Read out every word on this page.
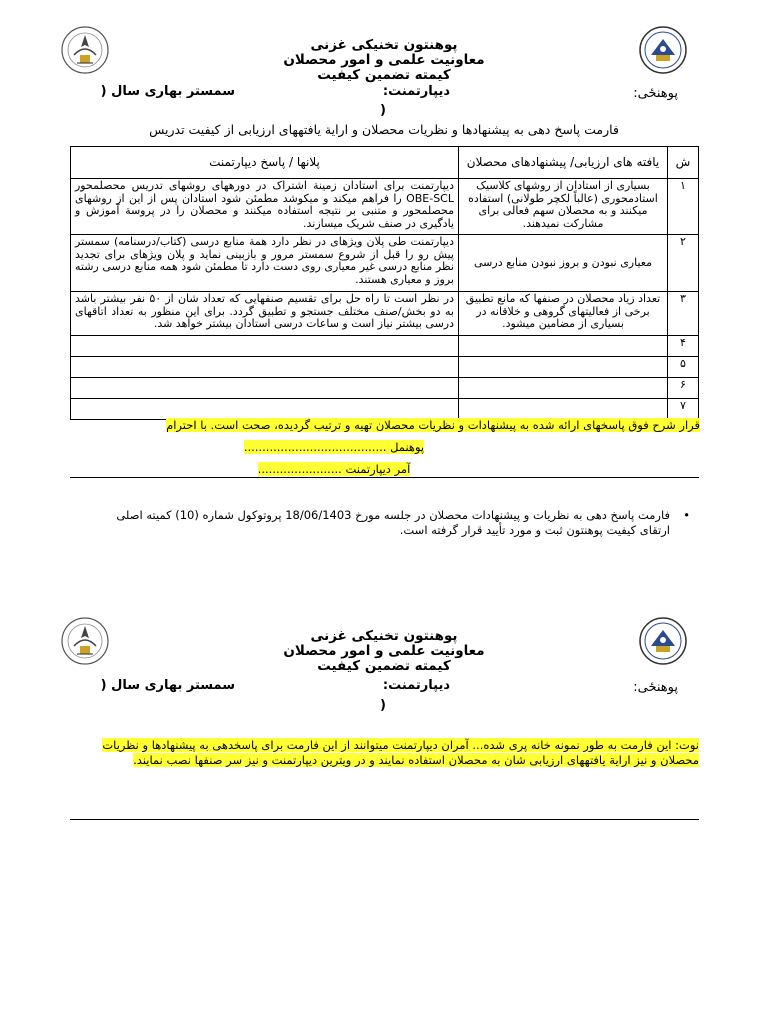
پوهنتون تخنیکی غزنی
معاونیت علمی و امور محصلان
کیمته تضمین کیفیت
پوهنځی:
دیپارتمنت:
سمستر بهاری سال (
)
فارمت پاسخ دهی به پیشنهادها و نظریات محصلان و ارایة یافتههای ارزیابی از کیفیت تدریس
ش	یافته های ارزیابی/ پیشنهادهای محصلان	پلانها / پاسخ دیپارتمنت
۱	بسیاری از استادان از روشهای کلاسیک استادمحوری (عالباً لکچر طولانی) استفاده میکنند و به محصلان سهم فعالی برای مشارکت نمیدهند.	دیپارتمنت برای استادان زمینة اشتراک در دورههای روشهای تدریس محصلمحور OBE-SCL را فراهم میکند و میکوشد مطمئن شود استادان پس از این از روشهای محصلمحور و متنبی بر نتیجه استفاده میکنند و محصلان را در پروسة آموزش و یادگیری در صنف شریک میسازند.
۲	معیاری نبودن و بروز نبودن منابع درسی	دیپارتمنت طی پلان ویژهای در نظر دارد همة منابع درسی (کتاب/درسنامه) سمستر پیش رو را قبل از شروع سمستر مرور و بازبینی نماید و پلان ویژهای برای تجدید نظر منابع درسی غیر معیاری روی دست دارد تا مطمئن شود همه منابع درسی رشته بروز و معیاری هستند.
۳	تعداد زیاد محصلان در صنفها که مانع تطبیق برخی از فعالیتهای گروهی و خلاقانه در بسیاری از مضامین میشود.	در نظر است تا راه حل برای تقسیم صنفهایی که تعداد شان از ۵۰ نفر بیشتر باشد به دو بخش/صنف مختلف جستجو و تطبیق گردد. برای این منظور به تعداد اتاقهای درسی بیشتر نیاز است و ساعات درسی استادان بیشتر خواهد شد.
۴		
۵		
۶		
۷		
قرار شرح فوق پاسخهای ارائه شده به پیشنهادات و نظریات محصلان تهیه و ترتیب گردیده، صحت است. با احترام
پوهنمل .......................................
آمر دیپارتمنت .......................
•
فارمت پاسخ دهی به نظریات و پیشنهادات محصلان در جلسه مورخ 18/06/1403 پروتوکول شماره (10) کمیته اصلی ارتقای کیفیت پوهنتون ثبت و مورد تأیید قرار گرفته است.
پوهنتون تخنیکی غزنی
معاونیت علمی و امور محصلان
کیمته تضمین کیفیت
پوهنځی:
دیپارتمنت:
سمستر بهاری سال (
)
نوت: این فارمت به طور نمونه خانه پری شده... آمران دیپارتمنت میتوانند از این فارمت برای پاسخدهی به پیشنهادها و نظریات محصلان و نیز ارایة یافتههای ارزیابی شان به محصلان استفاده نمایند و در ویترین دیپارتمنت و نیز سر صنفها نصب نمایند.
